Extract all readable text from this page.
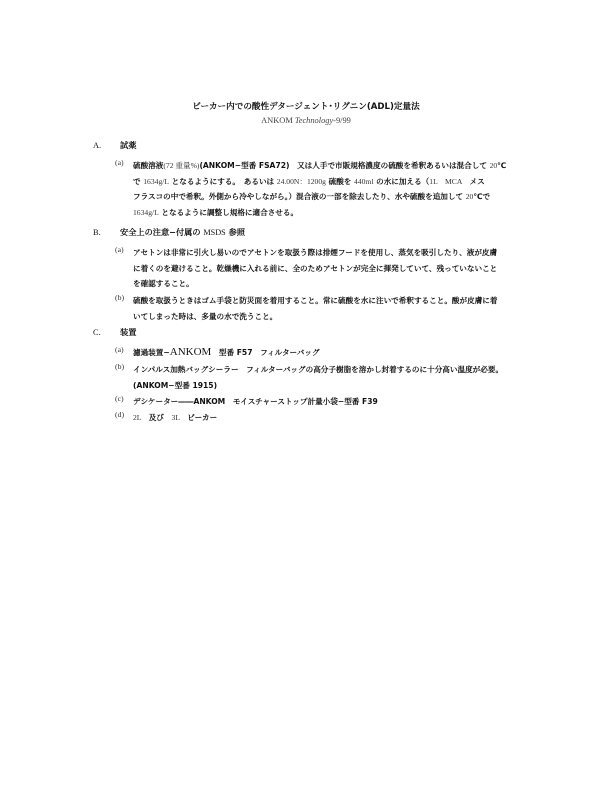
ビーカー内での酸性デタージェント･リグニン(ADL)定量法
ANKOM Technology-9/99
A.	試薬
(a) 硫酸溶液(72 重量%)(ANKOM−型番 FSA72)　又は人手で市販規格濃度の硫酸を希釈あるいは混合して 20℃
で 1634g/L となるようにする。　あるいは 24.00N：1200g 硫酸を 440ml の水に加える（1L　MCA　メス
フラスコの中で希釈。外側から冷やしながら。）混合液の一部を除去したり、水や硫酸を追加して 20℃で
1634g/L となるように調整し規格に適合させる。
B.	安全上の注意−付属の MSDS 参照
(a) アセトンは非常に引火し易いのでアセトンを取扱う際は排煙フードを使用し、蒸気を吸引したり、液が皮膚
に着くのを避けること。乾燥機に入れる前に、全のためアセトンが完全に揮発していて、残っていないこと
を確認すること。
(b) 硫酸を取扱うときはゴム手袋と防災面を着用すること。常に硫酸を水に注いで希釈すること。酸が皮膚に着
いてしまった時は、多量の水で洗うこと。
C.	装置
(a) 濾過装置−ANKOM　型番 F57　フィルターバッグ
(b) インパルス加熱バッグシーラー　フィルターバッグの高分子樹脂を溶かし封着するのに十分高い温度が必要。
(ANKOM−型番 1915)
(c) デシケーター――ANKOM　モイスチャーストップ計量小袋−型番 F39
(d) 2L　及び　3L　ビーカー
